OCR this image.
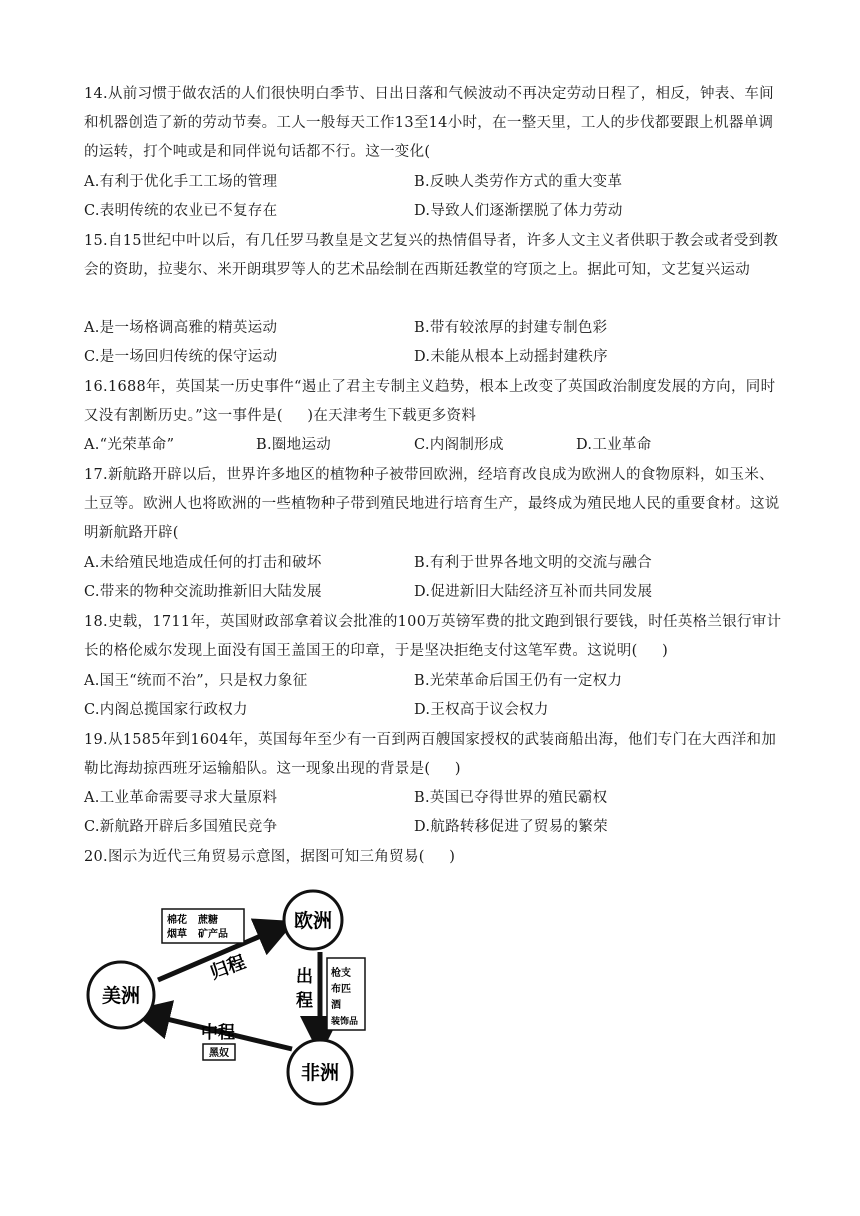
14.从前习惯于做农活的人们很快明白季节、日出日落和气候波动不再决定劳动日程了，相反，钟表、车间和机器创造了新的劳动节奏。工人一般每天工作13至14小时，在一整天里，工人的步伐都要跟上机器单调的运转，打个吨或是和同伴说句话都不行。这一变化(
A.有利于优化手工工场的管理	B.反映人类劳作方式的重大变革
C.表明传统的农业已不复存在	D.导致人们逐渐摆脱了体力劳动
15.自15世纪中叶以后，有几任罗马教皇是文艺复兴的热情倡导者，许多人文主义者供职于教会或者受到教会的资助，拉斐尔、米开朗琪罗等人的艺术品绘制在西斯廷教堂的穹顶之上。据此可知，文艺复兴运动
A.是一场格调高雅的精英运动	B.带有较浓厚的封建专制色彩
C.是一场回归传统的保守运动	D.未能从根本上动摇封建秩序
16.1688年，英国某一历史事件“遏止了君主专制主义趋势，根本上改变了英国政治制度发展的方向，同时又没有割断历史。”这一事件是(     )在天津考生下载更多资料
A.“光荣革命”	B.圈地运动	C.内阁制形成	D.工业革命
17.新航路开辟以后，世界许多地区的植物种子被带回欧洲，经培育改良成为欧洲人的食物原料，如玉米、土豆等。欧洲人也将欧洲的一些植物种子带到殖民地进行培育生产，最终成为殖民地人民的重要食材。这说明新航路开辟(
A.未给殖民地造成任何的打击和破坏	B.有利于世界各地文明的交流与融合
C.带来的物种交流助推新旧大陆发展	D.促进新旧大陆经济互补而共同发展
18.史载，1711年，英国财政部拿着议会批准的100万英镑军费的批文跑到银行要钱，时任英格兰银行审计长的格伦威尔发现上面没有国王盖国王的印章，于是坚决拒绝支付这笔军费。这说明(     )
A.国王“统而不治”，只是权力象征	B.光荣革命后国王仍有一定权力
C.内阁总揽国家行政权力	D.王权高于议会权力
19.从1585年到1604年，英国每年至少有一百到两百艘国家授权的武装商船出海，他们专门在大西洋和加勒比海劫掠西班牙运输船队。这一现象出现的背景是(     )
A.工业革命需要寻求大量原料	B.英国已夺得世界的殖民霸权
C.新航路开辟后多国殖民竞争	D.航路转移促进了贸易的繁荣
20.图示为近代三角贸易示意图，据图可知三角贸易(     )
欧洲
美洲
非洲
归程	出
程
中程
棉花 蔗糖
烟草 矿产品
枪支
布匹
酒
装饰品
黑奴
